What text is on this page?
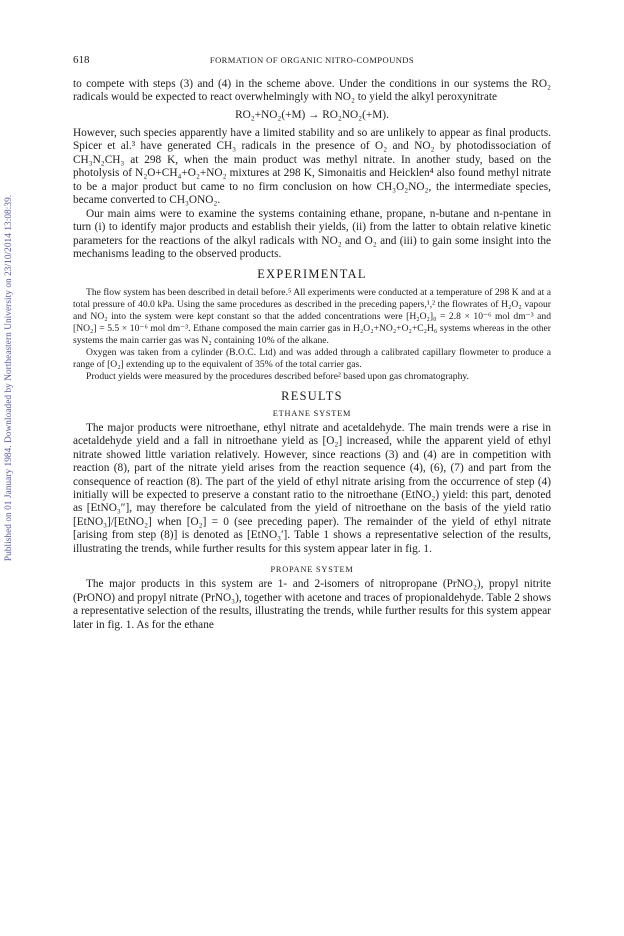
Published on 01 January 1984. Downloaded by Northeastern University on 23/10/2014 13:08:39.
618	FORMATION OF ORGANIC NITRO-COMPOUNDS

to compete with steps (3) and (4) in the scheme above. Under the conditions in our systems the RO₂ radicals would be expected to react overwhelmingly with NO₂ to yield the alkyl peroxynitrate

RO₂+NO₂(+M) → RO₂NO₂(+M).

However, such species apparently have a limited stability and so are unlikely to appear as final products. Spicer et al.³ have generated CH₃ radicals in the presence of O₂ and NO₂ by photodissociation of CH₃N₂CH₃ at 298 K, when the main product was methyl nitrate. In another study, based on the photolysis of N₂O+CH₄+O₂+NO₂ mixtures at 298 K, Simonaitis and Heicklen⁴ also found methyl nitrate to be a major product but came to no firm conclusion on how CH₃O₂NO₂, the intermediate species, became converted to CH₃ONO₂.

Our main aims were to examine the systems containing ethane, propane, n-butane and n-pentane in turn (i) to identify major products and establish their yields, (ii) from the latter to obtain relative kinetic parameters for the reactions of the alkyl radicals with NO₂ and O₂ and (iii) to gain some insight into the mechanisms leading to the observed products.

EXPERIMENTAL

The flow system has been described in detail before.⁵ All experiments were conducted at a temperature of 298 K and at a total pressure of 40.0 kPa. Using the same procedures as described in the preceding papers,¹,² the flowrates of H₂O₂ vapour and NO₂ into the system were kept constant so that the added concentrations were [H₂O₂]₀ = 2.8 × 10⁻⁶ mol dm⁻³ and [NO₂] = 5.5 × 10⁻⁶ mol dm⁻³. Ethane composed the main carrier gas in H₂O₂+NO₂+O₂+C₂H₆ systems whereas in the other systems the main carrier gas was N₂ containing 10% of the alkane.

Oxygen was taken from a cylinder (B.O.C. Ltd) and was added through a calibrated capillary flowmeter to produce a range of [O₂] extending up to the equivalent of 35% of the total carrier gas.

Product yields were measured by the procedures described before² based upon gas chromatography.

RESULTS
ETHANE SYSTEM

The major products were nitroethane, ethyl nitrate and acetaldehyde. The main trends were a rise in acetaldehyde yield and a fall in nitroethane yield as [O₂] increased, while the apparent yield of ethyl nitrate showed little variation relatively. However, since reactions (3) and (4) are in competition with reaction (8), part of the nitrate yield arises from the reaction sequence (4), (6), (7) and part from the consequence of reaction (8). The part of the yield of ethyl nitrate arising from the occurrence of step (4) initially will be expected to preserve a constant ratio to the nitroethane (EtNO₂) yield: this part, denoted as [EtNO₃″], may therefore be calculated from the yield of nitroethane on the basis of the yield ratio [EtNO₃]/[EtNO₂] when [O₂] = 0 (see preceding paper). The remainder of the yield of ethyl nitrate [arising from step (8)] is denoted as [EtNO₃′]. Table 1 shows a representative selection of the results, illustrating the trends, while further results for this system appear later in fig. 1.

PROPANE SYSTEM

The major products in this system are 1- and 2-isomers of nitropropane (PrNO₂), propyl nitrite (PrONO) and propyl nitrate (PrNO₃), together with acetone and traces of propionaldehyde. Table 2 shows a representative selection of the results, illustrating the trends, while further results for this system appear later in fig. 1. As for the ethane
